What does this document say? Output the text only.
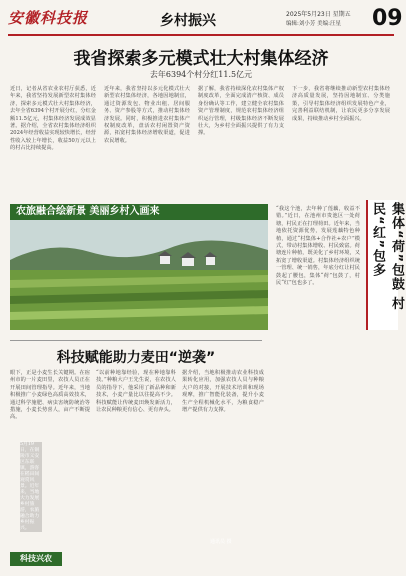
安徽科技报	乡村振兴	2025年5月23日 星期五
编辑:刘小芳 美编:汪星 09
我省探索多元模式壮大村集体经济
去年6394个村分红11.5亿元
近日，记者从省农业农村厅获悉，近年来，我省坚持发展新型农村集体经济，探索多元模式壮大村集体经济，去年全省6394个村开展分红，分红金额11.5亿元，村集体经济发展成效显著。据介绍，全省农村集体经济组织2024年经营收益实现较快增长，经营性收入较上年增长，收益50万元以上的村占比持续提高。
近年来，我省坚持以多元化模式壮大新型农村集体经济，各地因地制宜，通过资源发包、物业出租、居间服务、资产参股等方式，推动村集体经济发展。同时，积极推进农村集体产权制度改革，盘活农村闲置资产资源，拓宽村集体经济增收渠道，促进农民增收。
据了解，我省持续深化农村集体产权制度改革，全面完成清产核资、成员身份确认等工作，建立健全农村集体资产管理制度，规范农村集体经济组织运行管理，村级集体经济不断发展壮大，为乡村全面振兴提供了有力支撑。
下一步，我省将继续推动新型农村集体经济高质量发展，坚持因地制宜、分类施策，引导村集体经济组织发展特色产业，完善利益联结机制，让农民更多分享发展成果，持续推动乡村全面振兴。
农旅融合绘新景 美丽乡村入画来
5月19日，在铜陵市义安区东联镇，游客在稻田间观赏风景。近年来，当地大力发展乡村旅游，农旅融合助力乡村振兴。
通讯员 摄
集体“荷”包鼓 村民“红”包多
“我这个池，去年种了莲藕，收益不错。”近日，在池州市贵池区一处荷塘，村民正在打理荷田。近年来，当地依托资源优势，发展莲藕特色种植，通过“村集体+合作社+农户”模式，带动村集体增收、村民致富。荷塘连片种植，既美化了乡村环境，又拓宽了增收渠道。村集体经济组织统一管理、统一销售，年底分红让村民鼓起了腰包，集体“荷”包鼓了，村民“红”包也多了。
科技赋能助力麦田“逆袭”
眼下，正是小麦生长关键期。在宿州市的一片麦田里，农技人员正在开展田间管理指导。近年来，当地积极推广小麦绿色高质高效技术，通过科学施肥、病虫害统防统治等措施，小麦长势喜人，亩产不断提高。
“以前种地靠经验，现在种地靠科技。”种粮大户王先生说，在农技人员的指导下，他采用了新品种和新技术，小麦产量比以往提高不少。科技赋能让传统麦田焕发新活力，让农民种粮更有信心、更有奔头。
据介绍，当地积极推动农业科技成果转化应用，加强农技人员与种粮大户的对接，开展技术培训和现场观摩，推广智能化装备，提升小麦生产全程机械化水平，为粮食稳产增产提供有力支撑。
科技兴农
